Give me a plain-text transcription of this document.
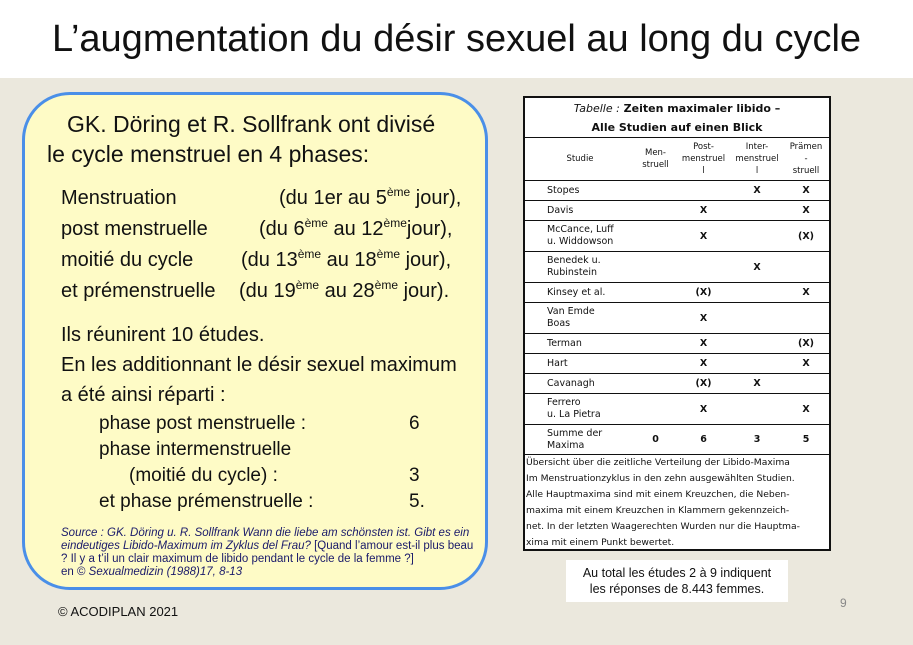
L’augmentation du désir sexuel au long du cycle
GK. Döring et R. Sollfrank ont divisé
le cycle menstruel en 4 phases:
Menstruation	(du 1er au 5ème jour),
post menstruelle	(du 6ème au 12èmejour),
moitié du cycle (du 13ème au 18ème jour),
et prémenstruelle (du 19ème au 28ème jour).
Ils réunirent 10 études.
En les additionnant le désir sexuel maximum
a été ainsi réparti :
phase post menstruelle :	6
phase intermenstruelle
(moitié du cycle) :	3
et phase prémenstruelle :	5.
Source : GK. Döring u. R. Sollfrank Wann die liebe am schönsten ist. Gibt es ein eindeutiges Libido-Maximum im Zyklus del Frau? [Quand l’amour est-il plus beau ? Il y a t’il un clair maximum de libido pendant le cycle de la femme ?]
en © Sexualmedizin (1988)17, 8-13
© ACODIPLAN 2021
9
Tabelle : Zeiten maximaler libido –
Alle Studien auf einen Blick
Studie	Men-
struell	Post-
menstruel
l	Inter-
menstruel
l	Prämen
-
struell
Stopes			X	X
Davis		X		X
McCance, Luff
u. Widdowson		X		(X)
Benedek u.
Rubinstein			X	
Kinsey et al.		(X)		X
Van Emde
Boas		X		
Terman		X		(X)
Hart		X		X
Cavanagh		(X)	X	
Ferrero
u. La Pietra		X		X
Summe der
Maxima	0	6	3	5
Übersicht über die zeitliche Verteilung der Libido-Maxima
Im Menstruationzyklus in den zehn ausgewählten Studien.
Alle Hauptmaxima sind mit einem Kreuzchen, die Neben-
maxima mit einem Kreuzchen in Klammern gekennzeich-
net. In der letzten Waagerechten Wurden nur die Hauptma-
xima mit einem Punkt bewertet.
Au total les études 2 à 9 indiquent
les réponses de 8.443 femmes.
